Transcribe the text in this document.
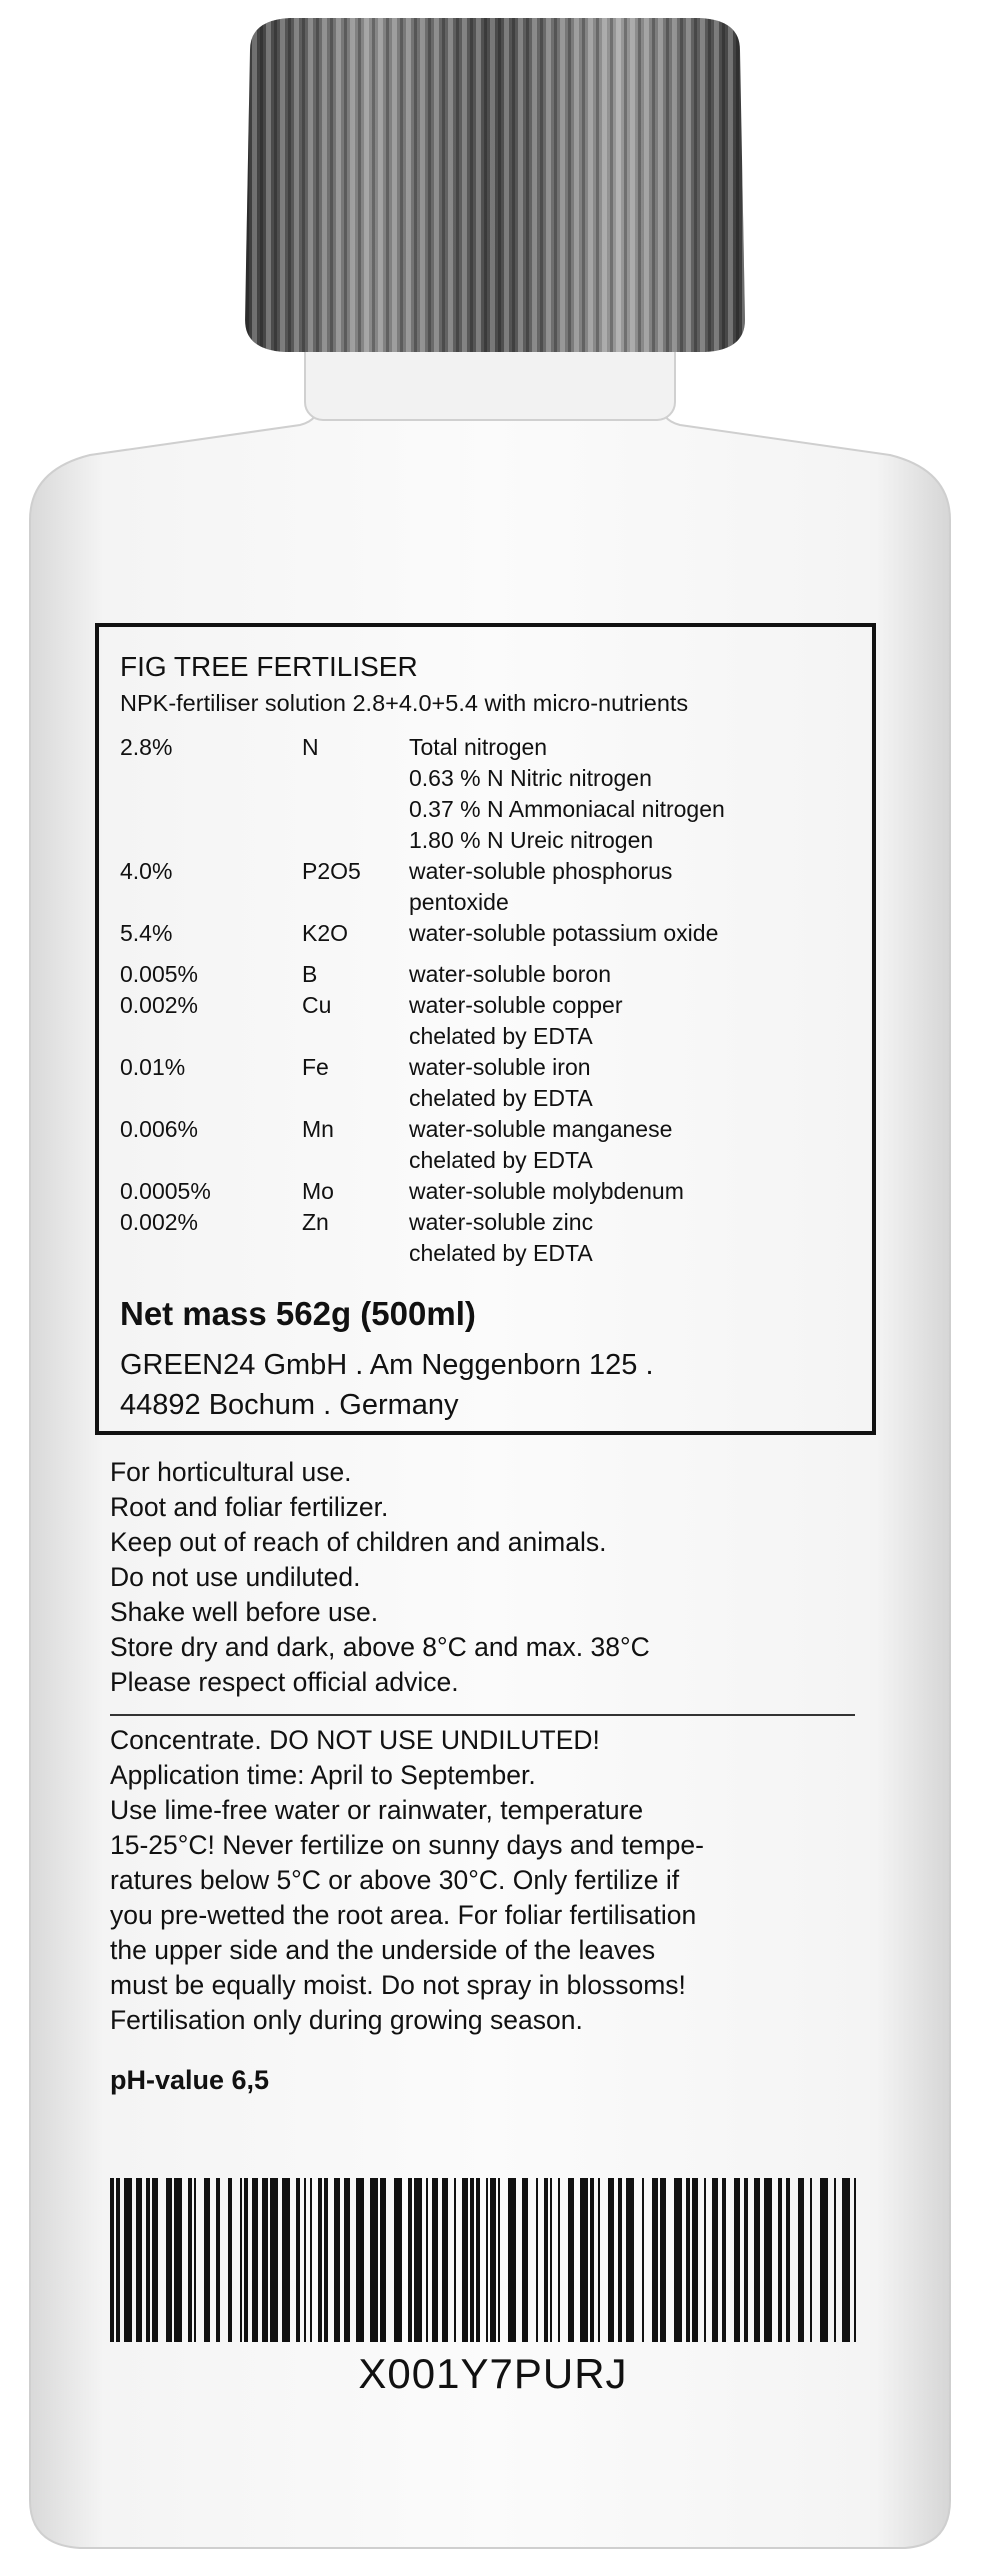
FIG TREE FERTILISER
NPK-fertiliser solution 2.8+4.0+5.4 with micro-nutrients
2.8%	N	Total nitrogen
0.63 % N Nitric nitrogen
0.37 % N Ammoniacal nitrogen
1.80 % N Ureic nitrogen
4.0%	P2O5	water-soluble phosphorus
pentoxide
5.4%	K2O	water-soluble potassium oxide
0.005%	B	water-soluble boron
0.002%	Cu	water-soluble copper
chelated by EDTA
0.01%	Fe	water-soluble iron
chelated by EDTA
0.006%	Mn	water-soluble manganese
chelated by EDTA
0.0005%	Mo	water-soluble molybdenum
0.002%	Zn	water-soluble zinc
chelated by EDTA
Net mass 562g (500ml)
GREEN24 GmbH . Am Neggenborn 125 .
44892 Bochum . Germany
For horticultural use.
Root and foliar fertilizer.
Keep out of reach of children and animals.
Do not use undiluted.
Shake well before use.
Store dry and dark, above 8°C and max. 38°C
Please respect official advice.
Concentrate. DO NOT USE UNDILUTED!
Application time: April to September.
Use lime-free water or rainwater, temperature
15-25°C! Never fertilize on sunny days and tempe-
ratures below 5°C or above 30°C. Only fertilize if
you pre-wetted the root area. For foliar fertilisation
the upper side and the underside of the leaves
must be equally moist. Do not spray in blossoms!
Fertilisation only during growing season.
pH-value 6,5
X001Y7PURJ
